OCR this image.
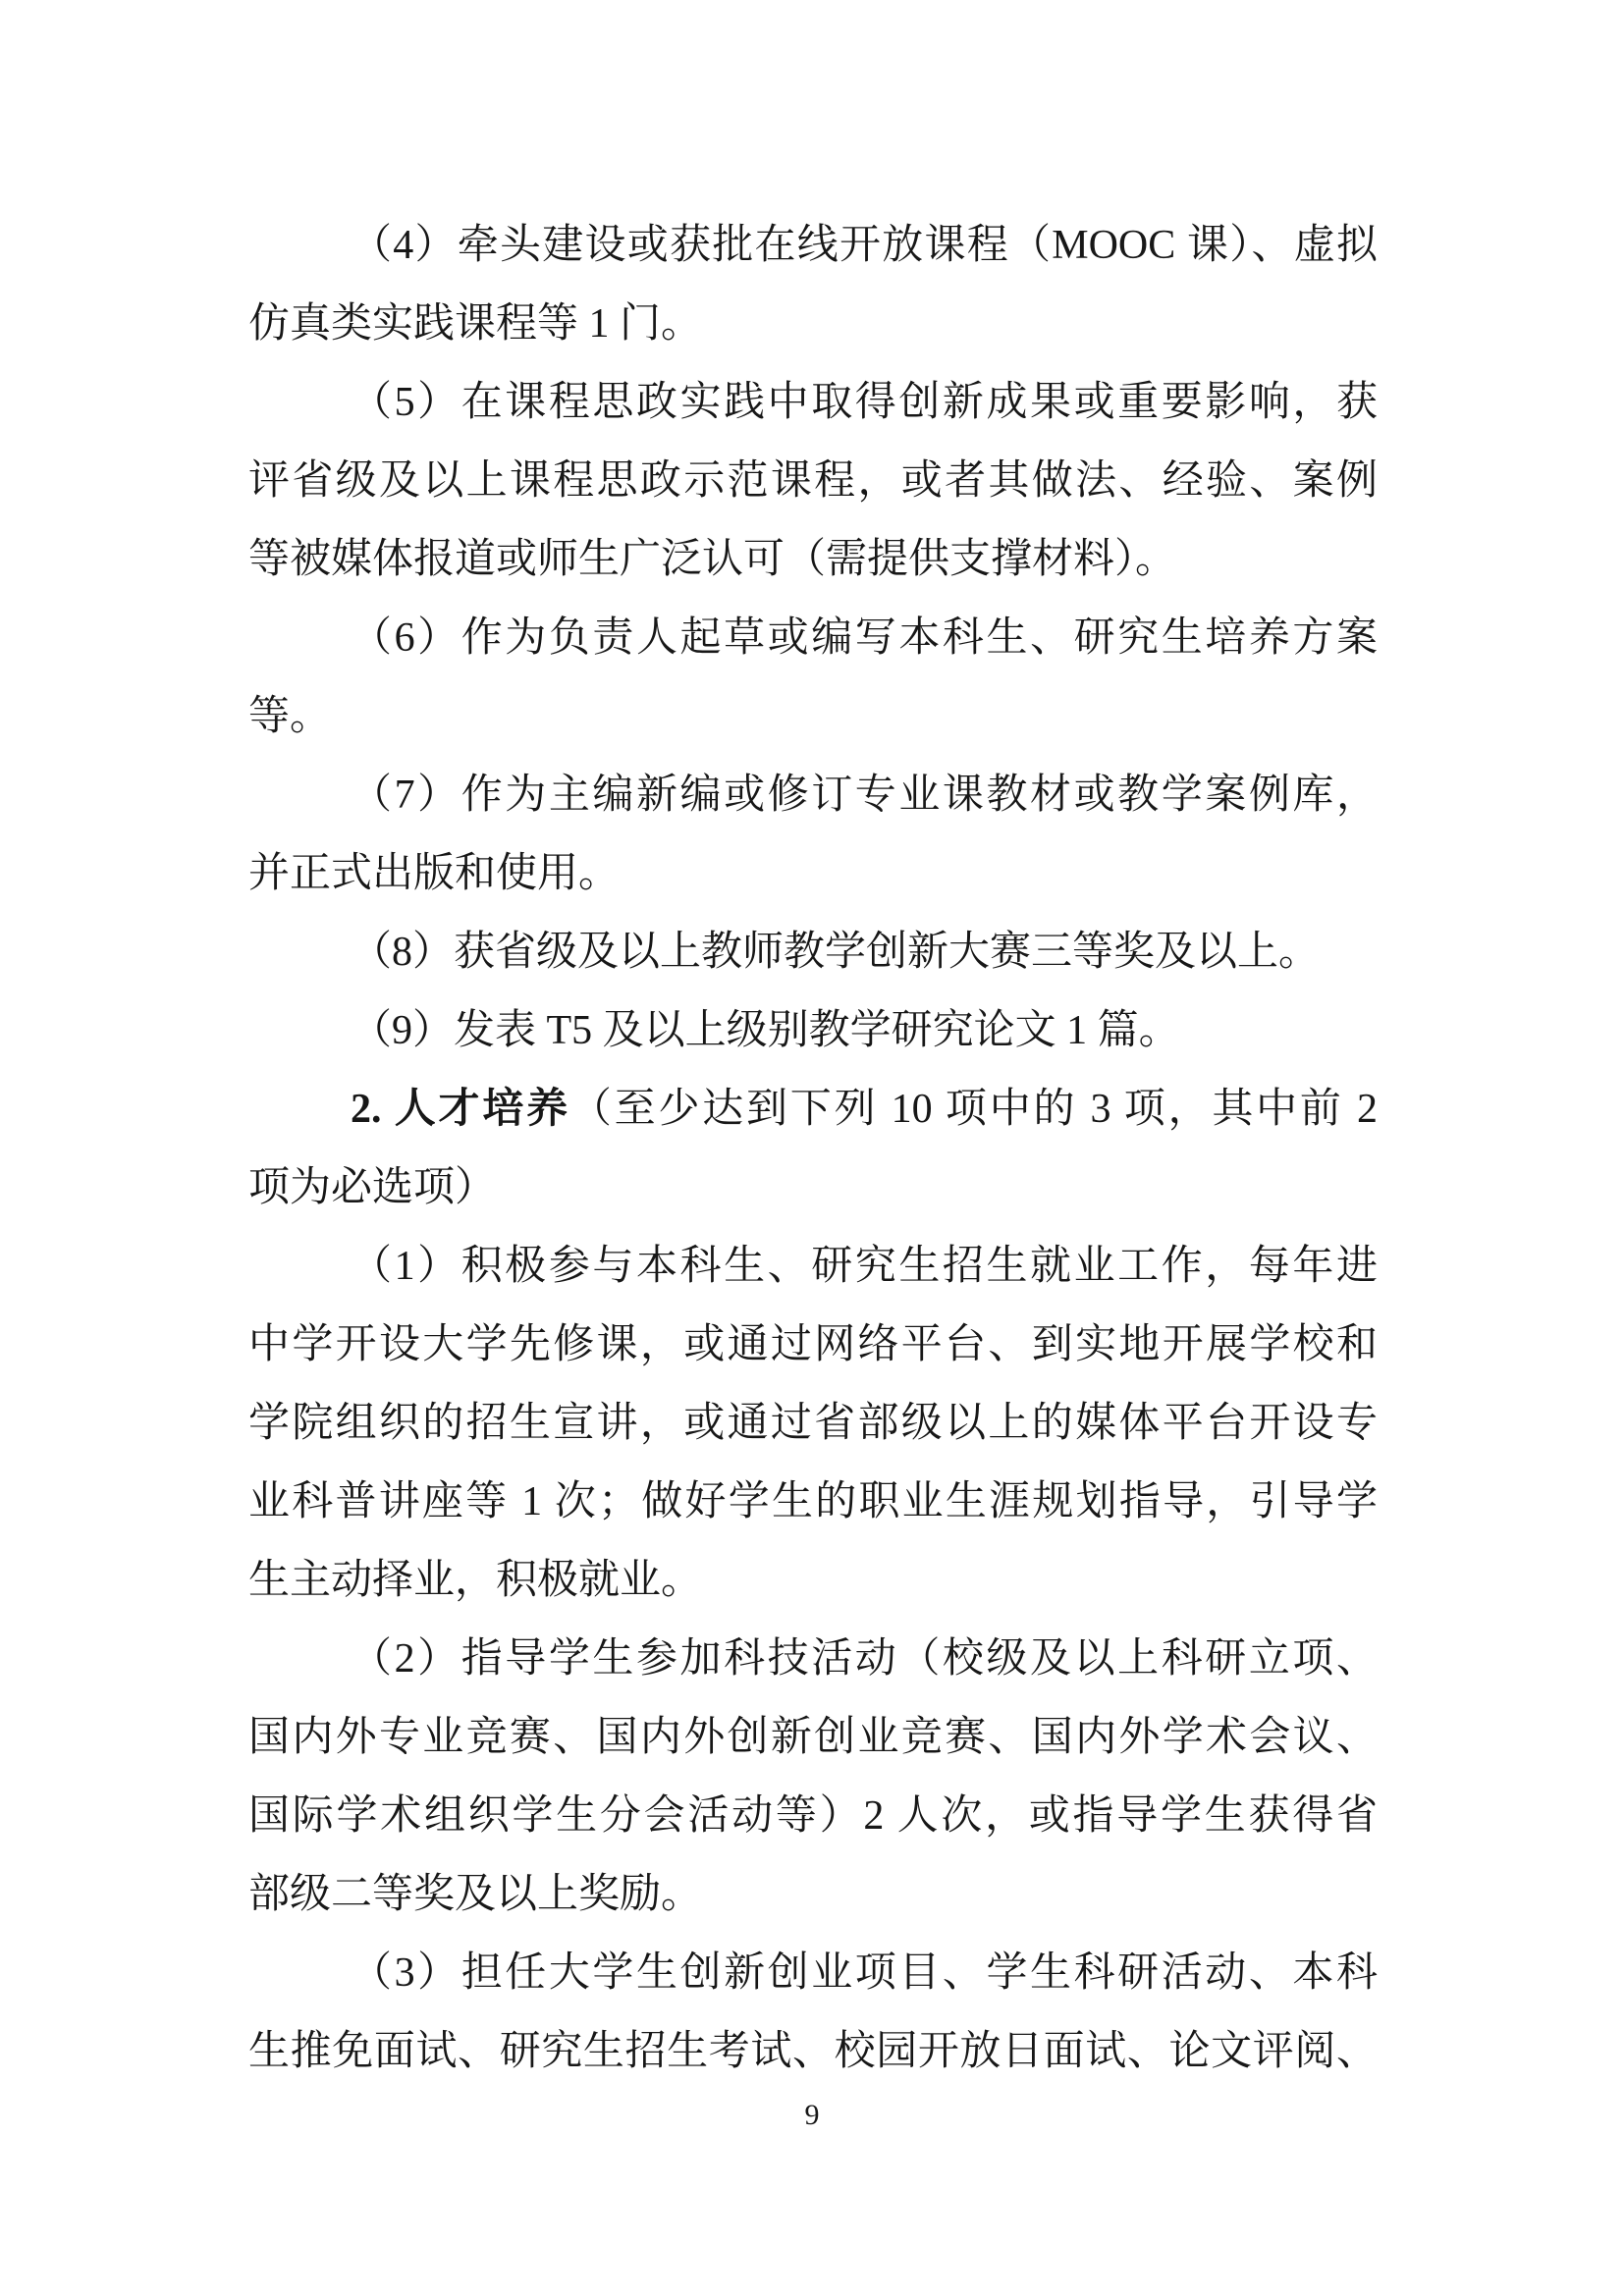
（4）牵头建设或获批在线开放课程（MOOC 课）、虚拟
仿真类实践课程等 1 门。
（5）在课程思政实践中取得创新成果或重要影响，获
评省级及以上课程思政示范课程，或者其做法、经验、案例
等被媒体报道或师生广泛认可（需提供支撑材料）。
（6）作为负责人起草或编写本科生、研究生培养方案
等。
（7）作为主编新编或修订专业课教材或教学案例库，
并正式出版和使用。
（8）获省级及以上教师教学创新大赛三等奖及以上。
（9）发表 T5 及以上级别教学研究论文 1 篇。
2. 人才培养（至少达到下列 10 项中的 3 项，其中前 2
项为必选项）
（1）积极参与本科生、研究生招生就业工作，每年进
中学开设大学先修课，或通过网络平台、到实地开展学校和
学院组织的招生宣讲，或通过省部级以上的媒体平台开设专
业科普讲座等 1 次；做好学生的职业生涯规划指导，引导学
生主动择业，积极就业。
（2）指导学生参加科技活动（校级及以上科研立项、
国内外专业竞赛、国内外创新创业竞赛、国内外学术会议、
国际学术组织学生分会活动等）2 人次，或指导学生获得省
部级二等奖及以上奖励。
（3）担任大学生创新创业项目、学生科研活动、本科
生推免面试、研究生招生考试、校园开放日面试、论文评阅、
9
